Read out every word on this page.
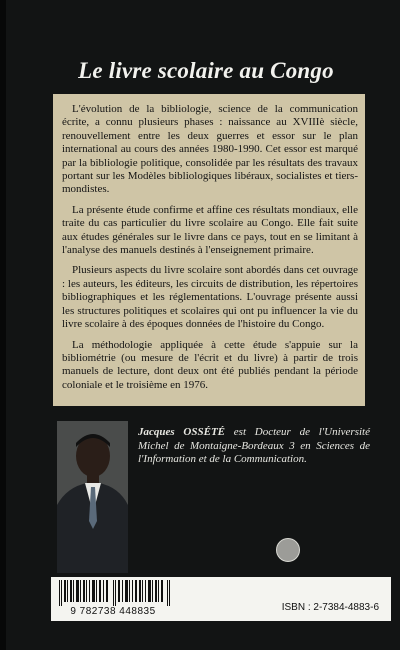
Le livre scolaire au Congo

L'évolution de la bibliologie, science de la communication écrite, a connu plusieurs phases : naissance au XVIIIè siècle, renouvellement entre les deux guerres et essor sur le plan international au cours des années 1980-1990. Cet essor est marqué par la bibliologie politique, consolidée par les résultats des travaux portant sur les Modèles bibliologiques libéraux, socialistes et tiers-mondistes.

La présente étude confirme et affine ces résultats mondiaux, elle traite du cas particulier du livre scolaire au Congo. Elle fait suite aux études générales sur le livre dans ce pays, tout en se limitant à l'analyse des manuels destinés à l'enseignement primaire.

Plusieurs aspects du livre scolaire sont abordés dans cet ouvrage : les auteurs, les éditeurs, les circuits de distribution, les répertoires bibliographiques et les réglementations. L'ouvrage présente aussi les structures politiques et scolaires qui ont pu influencer la vie du livre scolaire à des époques données de l'histoire du Congo.

La méthodologie appliquée à cette étude s'appuie sur la bibliométrie (ou mesure de l'écrit et du livre) à partir de trois manuels de lecture, dont deux ont été publiés pendant la période coloniale et le troisième en 1976.

Jacques OSSÉTÉ est Docteur de l'Université Michel de Montaigne-Bordeaux 3 en Sciences de l'Information et de la Communication.
9 782738 448835	ISBN : 2-7384-4883-6
